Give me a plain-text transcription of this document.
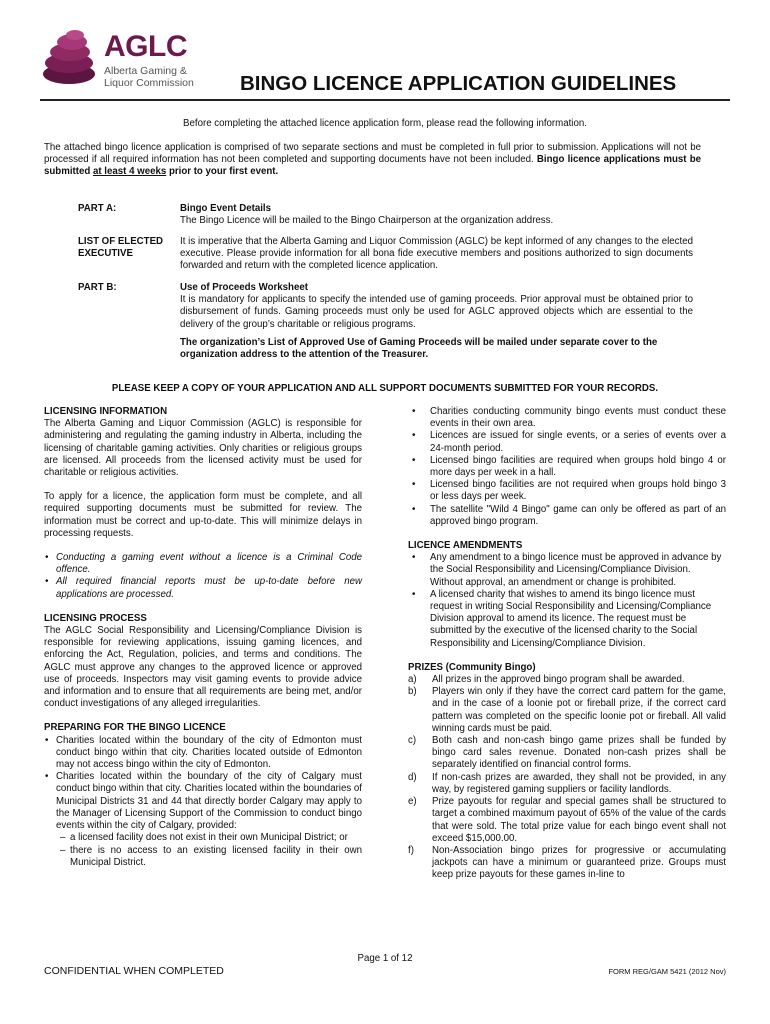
AGLC
Alberta Gaming &
Liquor Commission BINGO LICENCE APPLICATION GUIDELINES

Before completing the attached licence application form, please read the following information.

The attached bingo licence application is comprised of two separate sections and must be completed in full prior to submission. Applications will not be processed if all required information has not been completed and supporting documents have not been included. Bingo licence applications must be submitted at least 4 weeks prior to your first event.

PART A:	Bingo Event Details
The Bingo Licence will be mailed to the Bingo Chairperson at the organization address.
LIST OF ELECTED
EXECUTIVE
It is imperative that the Alberta Gaming and Liquor Commission (AGLC) be kept informed of any changes to the elected executive. Please provide information for all bona fide executive members and positions authorized to sign documents forwarded and return with the completed licence application.
PART B:	Use of Proceeds Worksheet
It is mandatory for applicants to specify the intended use of gaming proceeds. Prior approval must be obtained prior to disbursement of funds. Gaming proceeds must only be used for AGLC approved objects which are essential to the delivery of the group’s charitable or religious programs.
The organization’s List of Approved Use of Gaming Proceeds will be mailed under separate cover to the organization address to the attention of the Treasurer.

PLEASE KEEP A COPY OF YOUR APPLICATION AND ALL SUPPORT DOCUMENTS SUBMITTED FOR YOUR RECORDS.

LICENSING INFORMATION

The Alberta Gaming and Liquor Commission (AGLC) is responsible for administering and regulating the gaming industry in Alberta, including the licensing of charitable gaming activities. Only charities or religious groups are licensed. All proceeds from the licensed activity must be used for charitable or religious activities.

To apply for a licence, the application form must be complete, and all required supporting documents must be submitted for review. The information must be correct and up-to-date. This will minimize delays in processing requests.

• Conducting a gaming event without a licence is a Criminal Code offence.
• All required financial reports must be up-to-date before new applications are processed.
LICENSING PROCESS

The AGLC Social Responsibility and Licensing/Compliance Division is responsible for reviewing applications, issuing gaming licences, and enforcing the Act, Regulation, policies, and terms and conditions. The AGLC must approve any changes to the approved licence or approved use of proceeds. Inspectors may visit gaming events to provide advice and information and to ensure that all requirements are being met, and/or conduct investigations of any alleged irregularities.

PREPARING FOR THE BINGO LICENCE
• Charities located within the boundary of the city of Edmonton must conduct bingo within that city. Charities located outside of Edmonton may not access bingo within the city of Edmonton.
• Charities located within the boundary of the city of Calgary must conduct bingo within that city. Charities located within the boundaries of Municipal Districts 31 and 44 that directly border Calgary may apply to the Manager of Licensing Support of the Commission to conduct bingo events within the city of Calgary, provided:
– a licensed facility does not exist in their own Municipal District; or
– there is no access to an existing licensed facility in their own Municipal District.
• Charities conducting community bingo events must conduct these events in their own area.
• Licences are issued for single events, or a series of events over a 24-month period.
• Licensed bingo facilities are required when groups hold bingo 4 or more days per week in a hall.
• Licensed bingo facilities are not required when groups hold bingo 3 or less days per week.
• The satellite "Wild 4 Bingo" game can only be offered as part of an approved bingo program.
LICENCE AMENDMENTS
• Any amendment to a bingo licence must be approved in advance by the Social Responsibility and Licensing/Compliance Division. Without approval, an amendment or change is prohibited.
• A licensed charity that wishes to amend its bingo licence must request in writing Social Responsibility and Licensing/Compliance Division approval to amend its licence. The request must be submitted by the executive of the licensed charity to the Social Responsibility and Licensing/Compliance Division.
PRIZES (Community Bingo)
a) All prizes in the approved bingo program shall be awarded.
b) Players win only if they have the correct card pattern for the game, and in the case of a loonie pot or fireball prize, if the correct card pattern was completed on the specific loonie pot or fireball. All valid winning cards must be paid.
c) Both cash and non-cash bingo game prizes shall be funded by bingo card sales revenue. Donated non-cash prizes shall be separately identified on financial control forms.
d) If non-cash prizes are awarded, they shall not be provided, in any way, by registered gaming suppliers or facility landlords.
e) Prize payouts for regular and special games shall be structured to target a combined maximum payout of 65% of the value of the cards that were sold. The total prize value for each bingo event shall not exceed $15,000.00.
f) Non-Association bingo prizes for progressive or accumulating jackpots can have a minimum or guaranteed prize. Groups must keep prize payouts for these games in-line to
Page 1 of 12
CONFIDENTIAL WHEN COMPLETED	FORM REG/GAM 5421 (2012 Nov)
